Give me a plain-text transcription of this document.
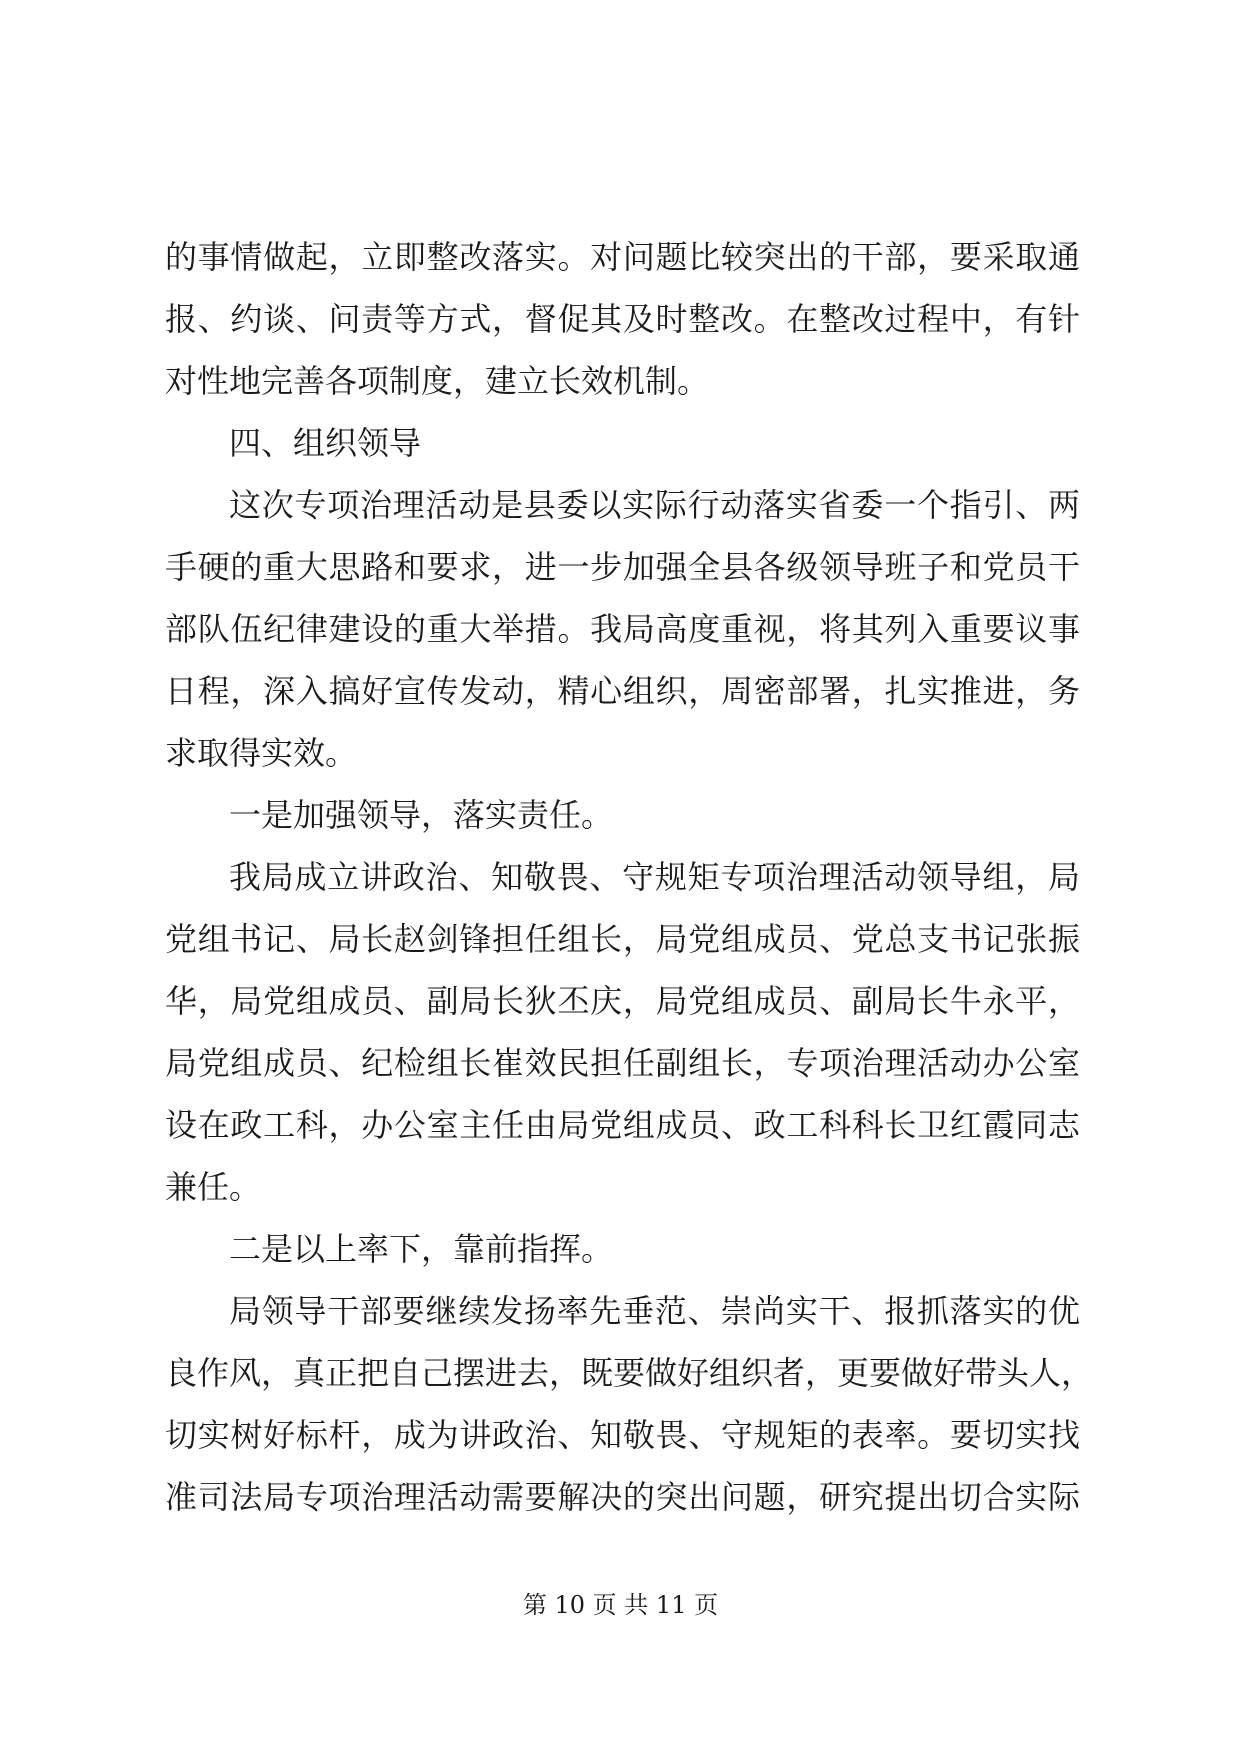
的事情做起，立即整改落实。对问题比较突出的干部，要采取通
报、约谈、问责等方式，督促其及时整改。在整改过程中，有针
对性地完善各项制度，建立长效机制。
四、组织领导
这次专项治理活动是县委以实际行动落实省委一个指引、两
手硬的重大思路和要求，进一步加强全县各级领导班子和党员干
部队伍纪律建设的重大举措。我局高度重视，将其列入重要议事
日程，深入搞好宣传发动，精心组织，周密部署，扎实推进，务
求取得实效。
一是加强领导，落实责任。
我局成立讲政治、知敬畏、守规矩专项治理活动领导组，局
党组书记、局长赵剑锋担任组长，局党组成员、党总支书记张振
华，局党组成员、副局长狄丕庆，局党组成员、副局长牛永平，
局党组成员、纪检组长崔效民担任副组长，专项治理活动办公室
设在政工科，办公室主任由局党组成员、政工科科长卫红霞同志
兼任。
二是以上率下，靠前指挥。
局领导干部要继续发扬率先垂范、崇尚实干、报抓落实的优
良作风，真正把自己摆进去，既要做好组织者，更要做好带头人，
切实树好标杆，成为讲政治、知敬畏、守规矩的表率。要切实找
准司法局专项治理活动需要解决的突出问题，研究提出切合实际
第 10 页 共 11 页
